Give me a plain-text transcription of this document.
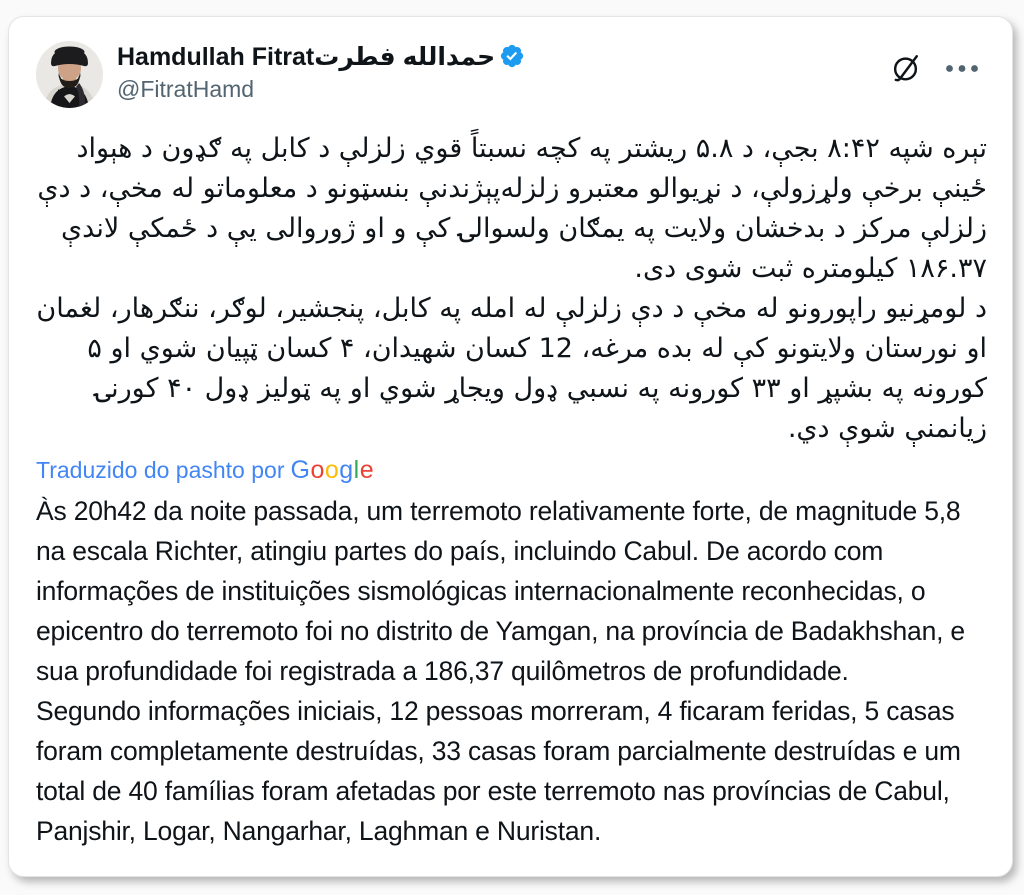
Hamdullah Fitratحمدالله فطرت
@FitratHamd
تېره شپه ۸:۴۲ بجې، د ۵.۸ ریشتر په کچه نسبتاً قوي زلزلې د کابل په ګډون د هېواد ځینې برخې ولړزولې، د نړیوالو معتبرو زلزله‌پېژندنې بنسټونو د معلوماتو له مخې، د دې زلزلې مرکز د بدخشان ولایت په یمګان ولسوالۍ کې و او ژوروالی یې د ځمکې لاندې ۱۸۶.۳۷ کیلومتره ثبت شوی دی.
د لومړنیو راپورونو له مخې د دې زلزلې له امله په کابل، پنجشیر، لوګر، ننګرهار، لغمان او نورستان ولایتونو کې له بده مرغه، 12 کسان شهیدان، ۴ کسان ټپیان شوي او ۵ کورونه په بشپړ او ۳۳ کورونه په نسبي ډول ویجاړ شوي او په ټولیز ډول ۴۰ کورنۍ زیانمنې شوې دي.
Traduzido do pashto por Google
Às 20h42 da noite passada, um terremoto relativamente forte, de magnitude 5,8 na escala Richter, atingiu partes do país, incluindo Cabul. De acordo com informações de instituições sismológicas internacionalmente reconhecidas, o epicentro do terremoto foi no distrito de Yamgan, na província de Badakhshan, e sua profundidade foi registrada a 186,37 quilômetros de profundidade.
Segundo informações iniciais, 12 pessoas morreram, 4 ficaram feridas, 5 casas foram completamente destruídas, 33 casas foram parcialmente destruídas e um total de 40 famílias foram afetadas por este terremoto nas províncias de Cabul, Panjshir, Logar, Nangarhar, Laghman e Nuristan.
